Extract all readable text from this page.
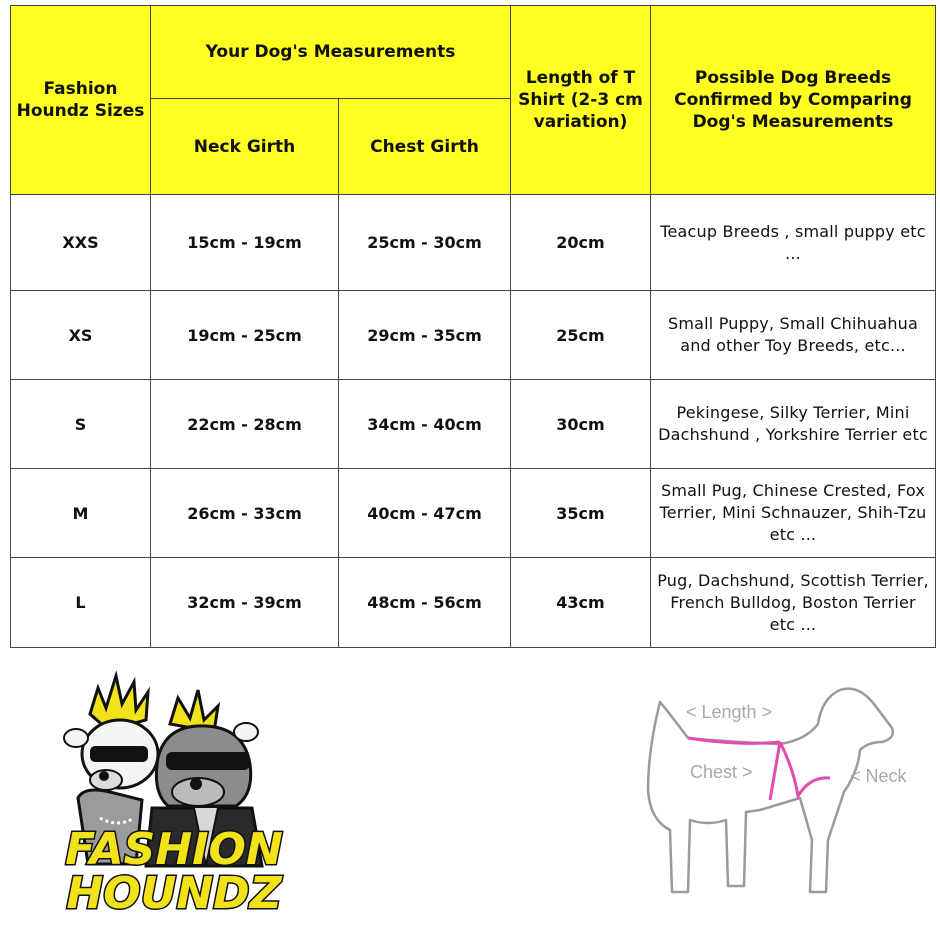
Fashion Houndz Sizes	Your Dog's Measurements		Length of T Shirt (2-3 cm variation)	Possible Dog Breeds Confirmed by Comparing Dog's Measurements
	Neck Girth	Chest Girth		
XXS	15cm - 19cm	25cm - 30cm	20cm	Teacup Breeds , small puppy etc ...
XS	19cm - 25cm	29cm - 35cm	25cm	Small Puppy, Small Chihuahua and other Toy Breeds, etc...
S	22cm - 28cm	34cm - 40cm	30cm	Pekingese, Silky Terrier, Mini Dachshund , Yorkshire Terrier etc
M	26cm - 33cm	40cm - 47cm	35cm	Small Pug, Chinese Crested, Fox Terrier, Mini Schnauzer, Shih-Tzu etc ...
L	32cm - 39cm	48cm - 56cm	43cm	Pug, Dachshund, Scottish Terrier, French Bulldog, Boston Terrier etc ...
FASHION
HOUNDZ
< Length >
Chest >	< Neck
